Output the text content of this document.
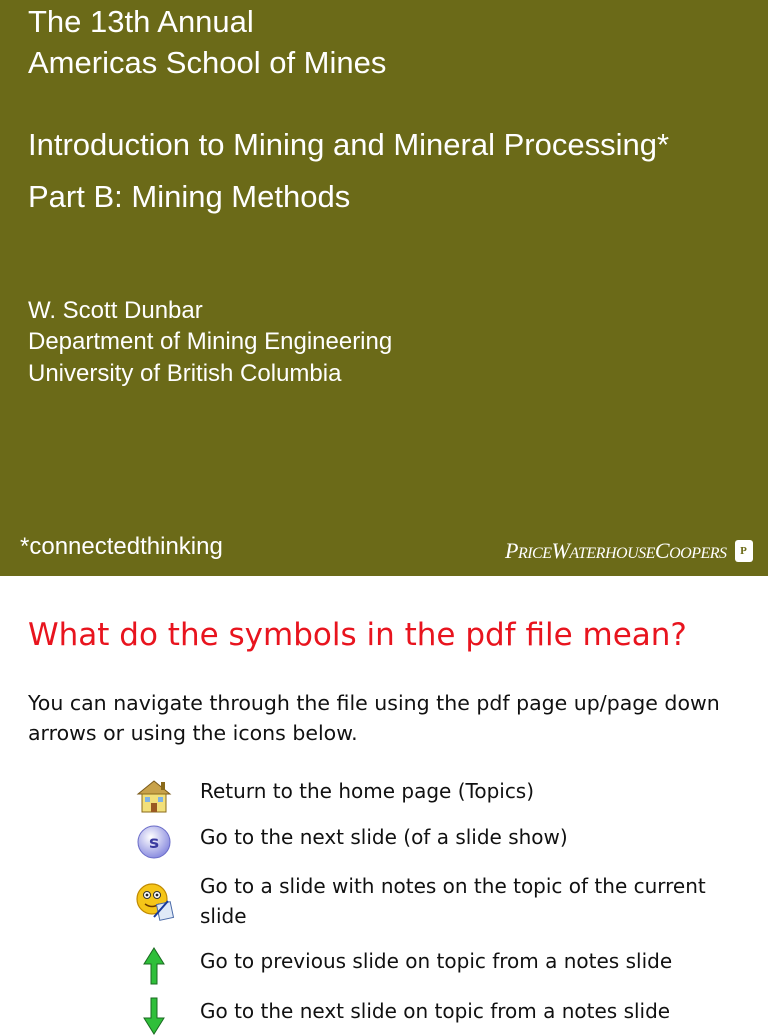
The 13th Annual
Americas School of Mines
Introduction to Mining and Mineral Processing*
Part B: Mining Methods
W. Scott Dunbar
Department of Mining Engineering
University of British Columbia
*connectedthinking	PRICEWATERHOUSECOOPERS	P
What do the symbols in the pdf file mean?
You can navigate through the file using the pdf page up/page down arrows or using the icons below.
Return to the home page (Topics)
s Go to the next slide (of a slide show)
Go to a slide with notes on the topic of the current slide
Go to previous slide on topic from a notes slide
Go to the next slide on topic from a notes slide
